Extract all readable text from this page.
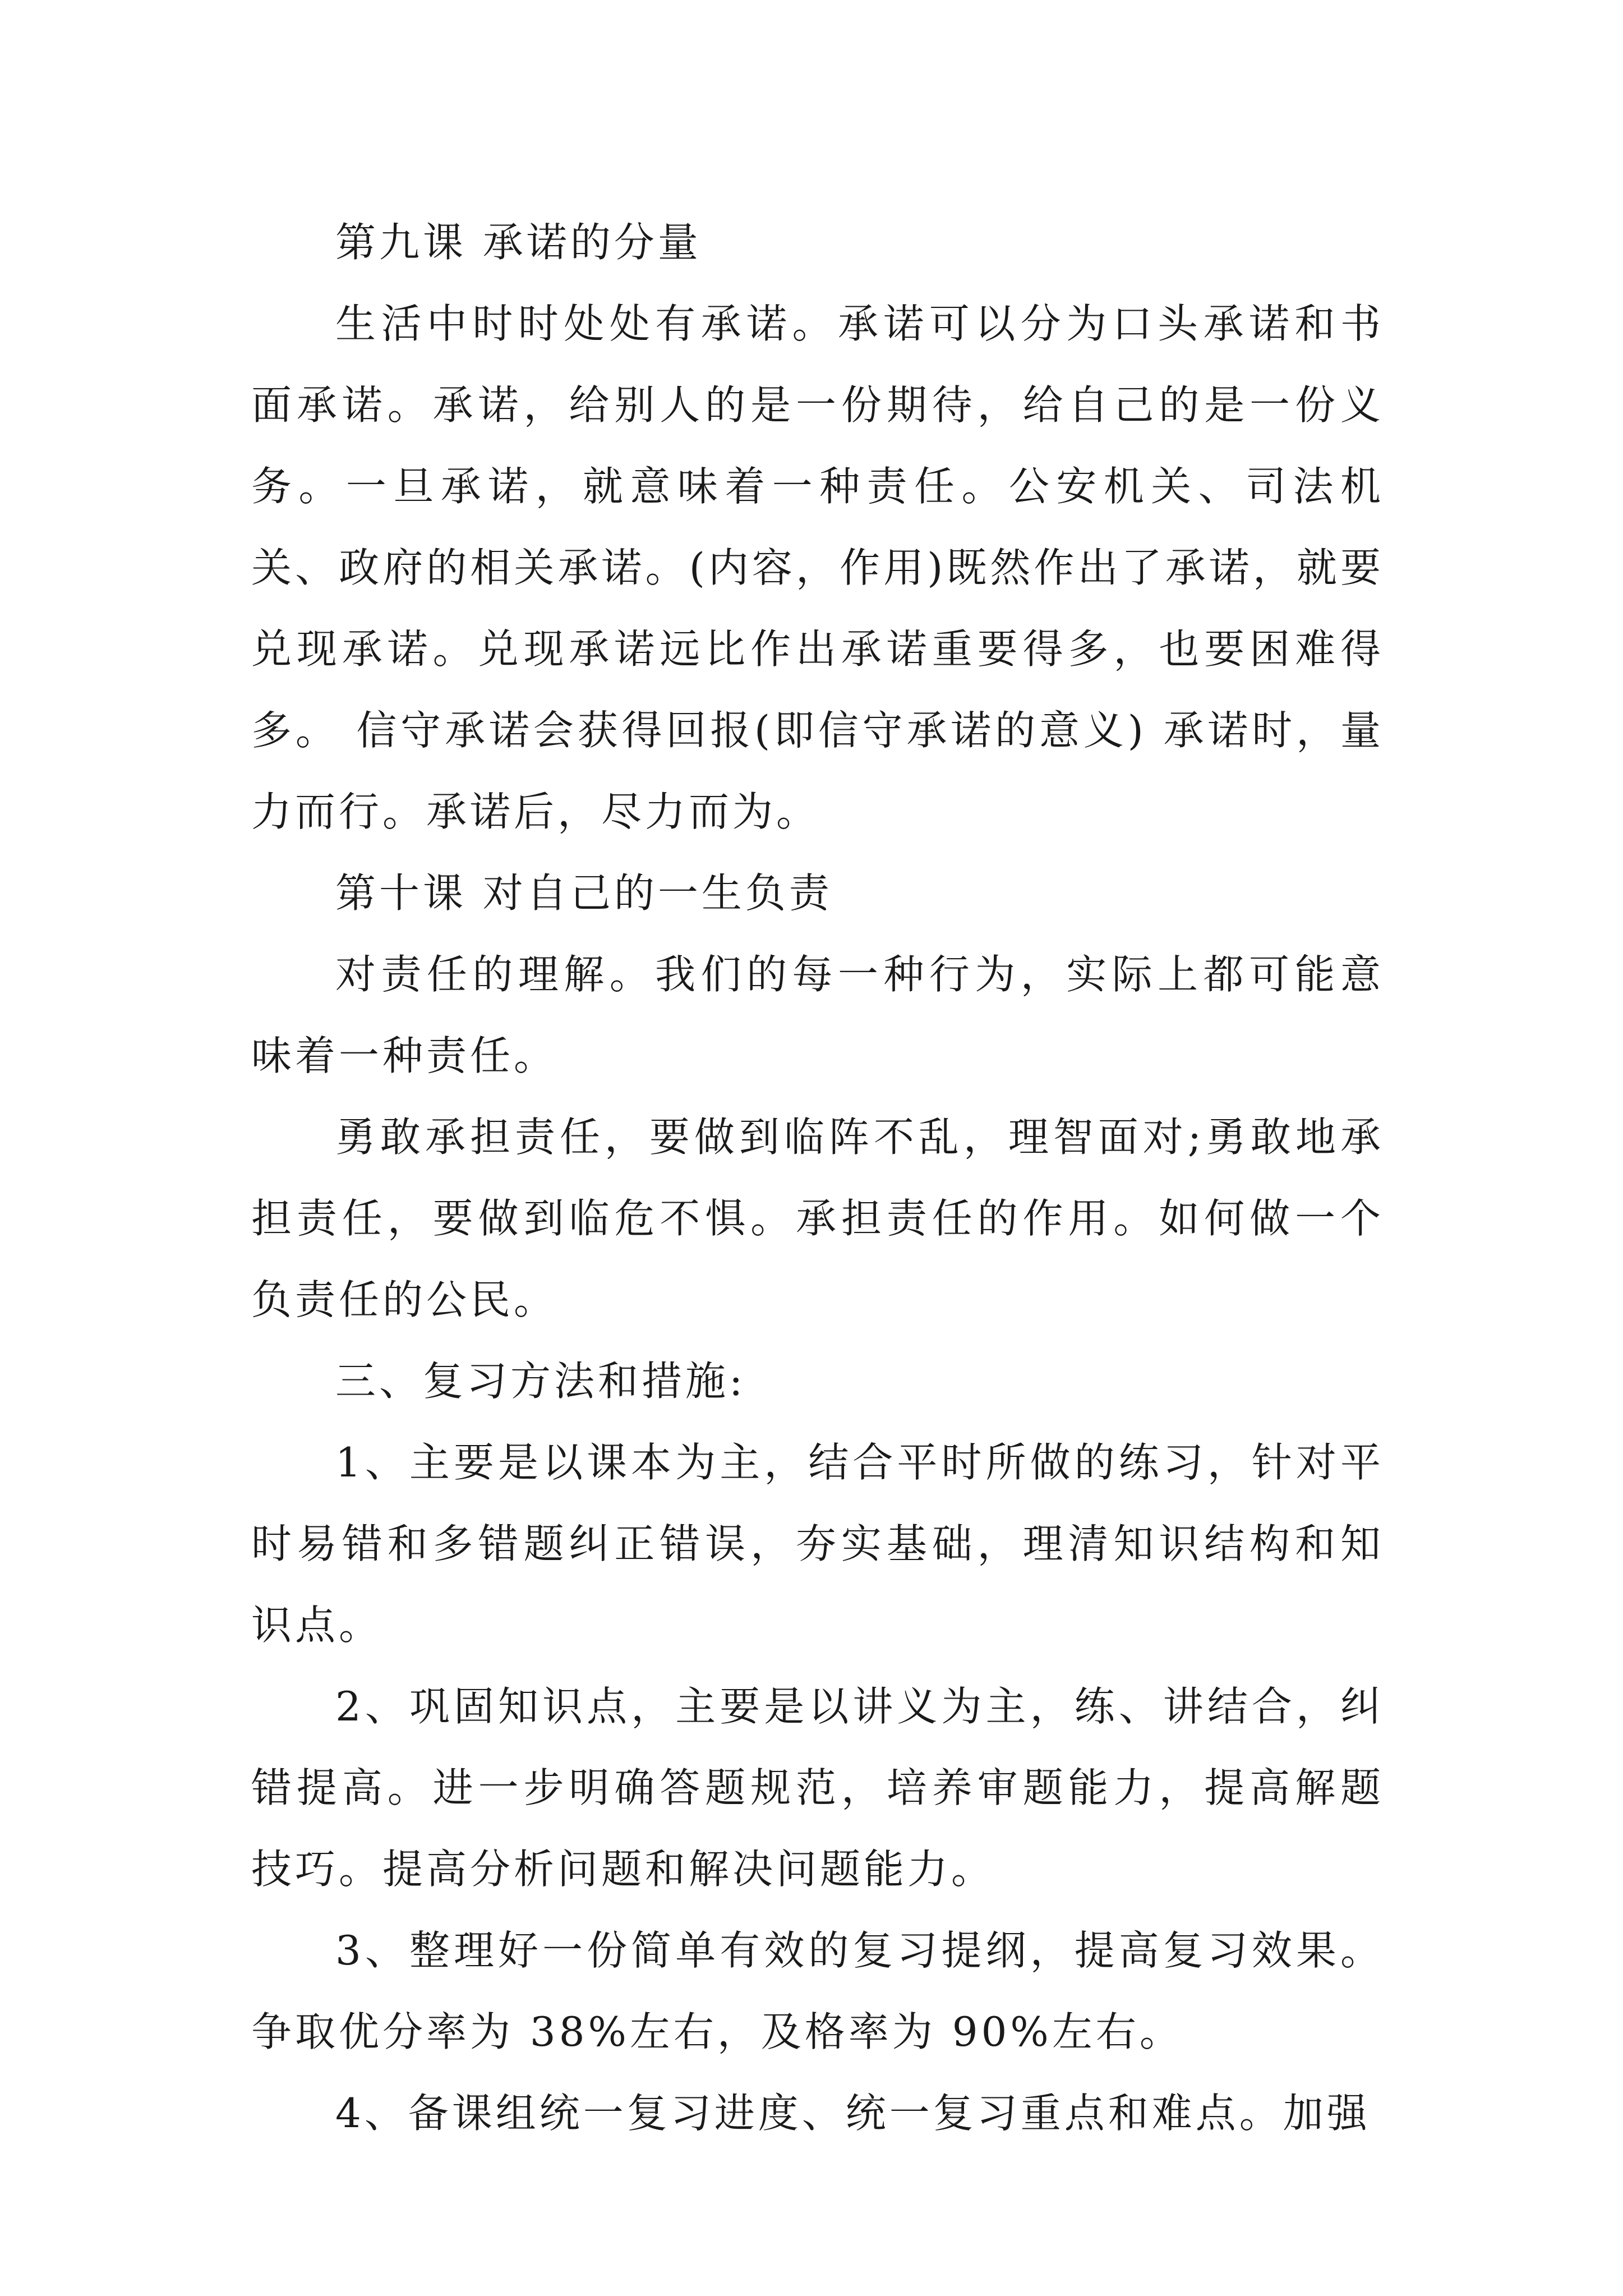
第九课 承诺的分量

生活中时时处处有承诺。承诺可以分为口头承诺和书面承诺。承诺，给别人的是一份期待，给自己的是一份义务。一旦承诺，就意味着一种责任。公安机关、司法机关、政府的相关承诺。(内容，作用)既然作出了承诺，就要兑现承诺。兑现承诺远比作出承诺重要得多，也要困难得多。 信守承诺会获得回报(即信守承诺的意义) 承诺时，量力而行。承诺后，尽力而为。

第十课 对自己的一生负责

对责任的理解。我们的每一种行为，实际上都可能意味着一种责任。

勇敢承担责任，要做到临阵不乱，理智面对;勇敢地承担责任，要做到临危不惧。承担责任的作用。如何做一个负责任的公民。

三、复习方法和措施:

1、主要是以课本为主，结合平时所做的练习，针对平时易错和多错题纠正错误，夯实基础，理清知识结构和知识点。

2、巩固知识点，主要是以讲义为主，练、讲结合，纠错提高。进一步明确答题规范，培养审题能力，提高解题技巧。提高分析问题和解决问题能力。

3、整理好一份简单有效的复习提纲，提高复习效果。争取优分率为 38%左右，及格率为 90%左右。

4、备课组统一复习进度、统一复习重点和难点。加强
